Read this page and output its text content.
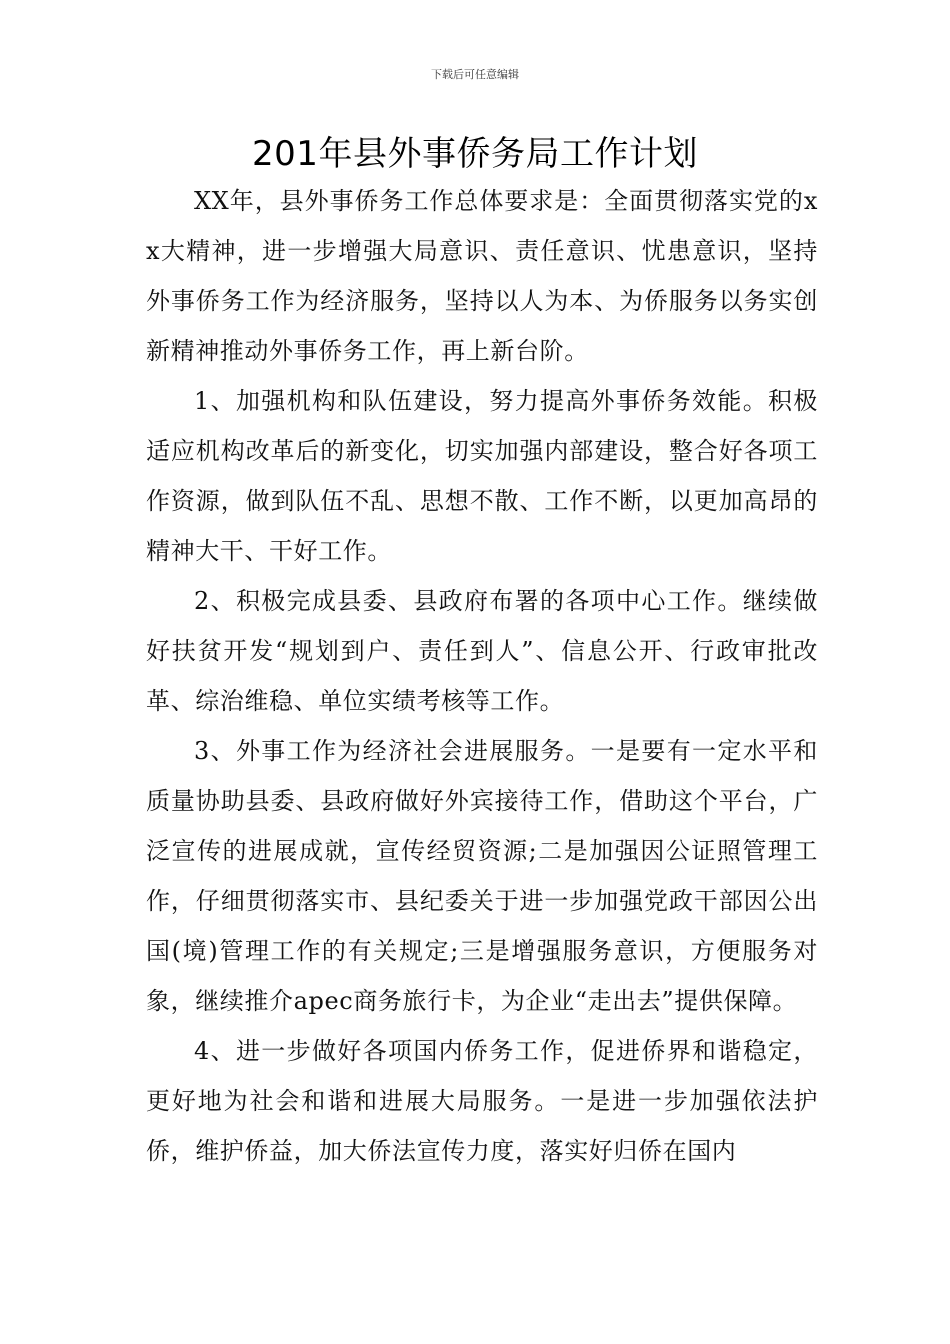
下载后可任意编辑
201年县外事侨务局工作计划

XX年，县外事侨务工作总体要求是：全面贯彻落实党的xx大精神，进一步增强大局意识、责任意识、忧患意识，坚持外事侨务工作为经济服务，坚持以人为本、为侨服务以务实创新精神推动外事侨务工作，再上新台阶。

1、加强机构和队伍建设，努力提高外事侨务效能。积极适应机构改革后的新变化，切实加强内部建设，整合好各项工作资源，做到队伍不乱、思想不散、工作不断，以更加高昂的精神大干、干好工作。

2、积极完成县委、县政府布署的各项中心工作。继续做好扶贫开发“规划到户、责任到人”、信息公开、行政审批改革、综治维稳、单位实绩考核等工作。

3、外事工作为经济社会进展服务。一是要有一定水平和质量协助县委、县政府做好外宾接待工作，借助这个平台，广泛宣传的进展成就，宣传经贸资源;二是加强因公证照管理工作，仔细贯彻落实市、县纪委关于进一步加强党政干部因公出国(境)管理工作的有关规定;三是增强服务意识，方便服务对象，继续推介apec商务旅行卡，为企业“走出去”提供保障。

4、进一步做好各项国内侨务工作，促进侨界和谐稳定，更好地为社会和谐和进展大局服务。一是进一步加强依法护侨，维护侨益，加大侨法宣传力度，落实好归侨在国内
